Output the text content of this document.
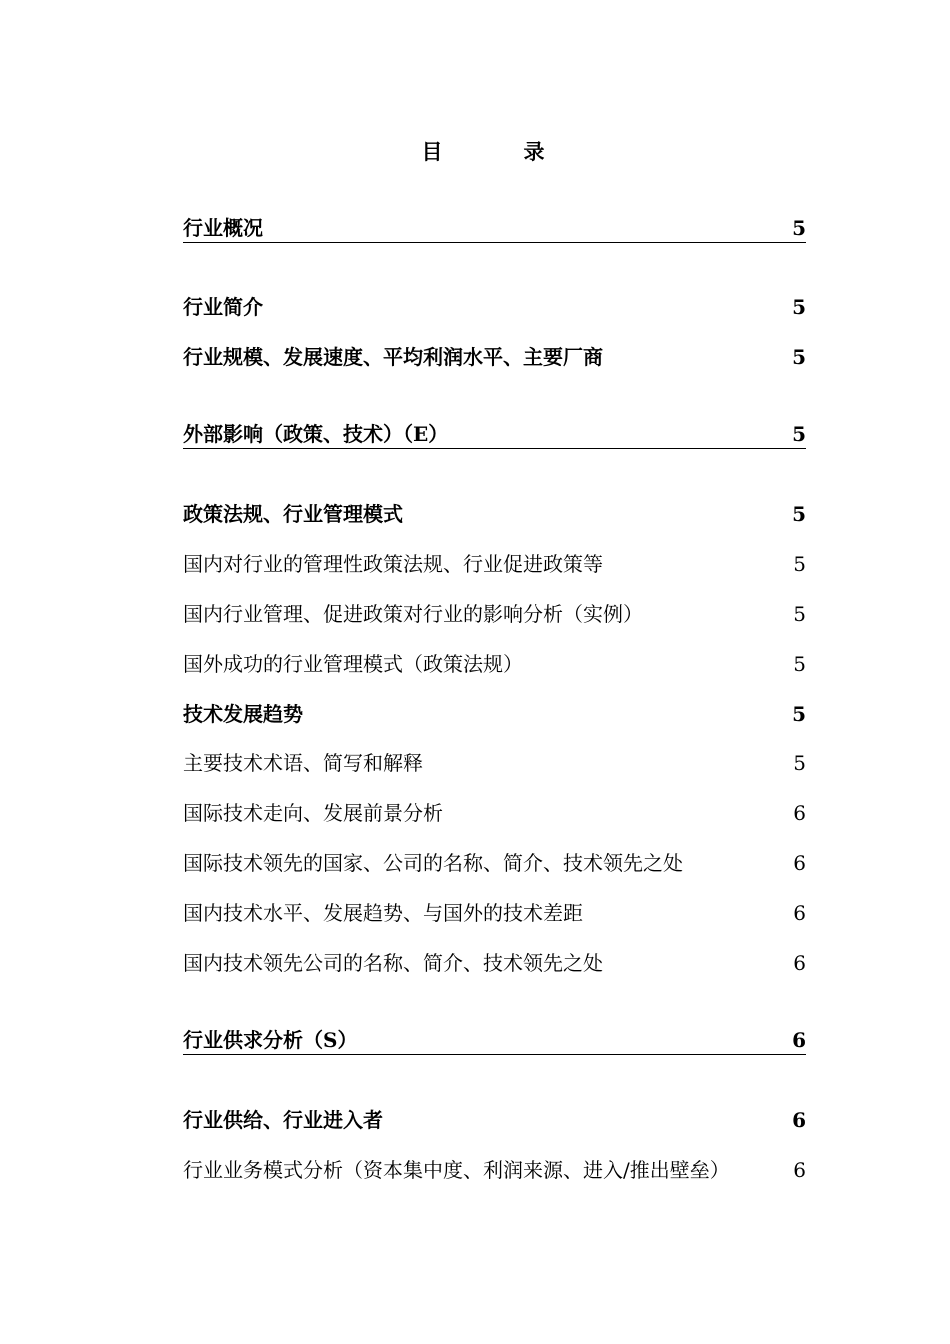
目　录
行业概况	5
行业简介	5
行业规模、发展速度、平均利润水平、主要厂商	5
外部影响（政策、技术）（E）	5
政策法规、行业管理模式	5
国内对行业的管理性政策法规、行业促进政策等	5
国内行业管理、促进政策对行业的影响分析（实例）	5
国外成功的行业管理模式（政策法规）	5
技术发展趋势	5
主要技术术语、简写和解释	5
国际技术走向、发展前景分析	6
国际技术领先的国家、公司的名称、简介、技术领先之处	6
国内技术水平、发展趋势、与国外的技术差距	6
国内技术领先公司的名称、简介、技术领先之处	6
行业供求分析（S）	6
行业供给、行业进入者	6
行业业务模式分析（资本集中度、利润来源、进入/推出壁垒）	6
